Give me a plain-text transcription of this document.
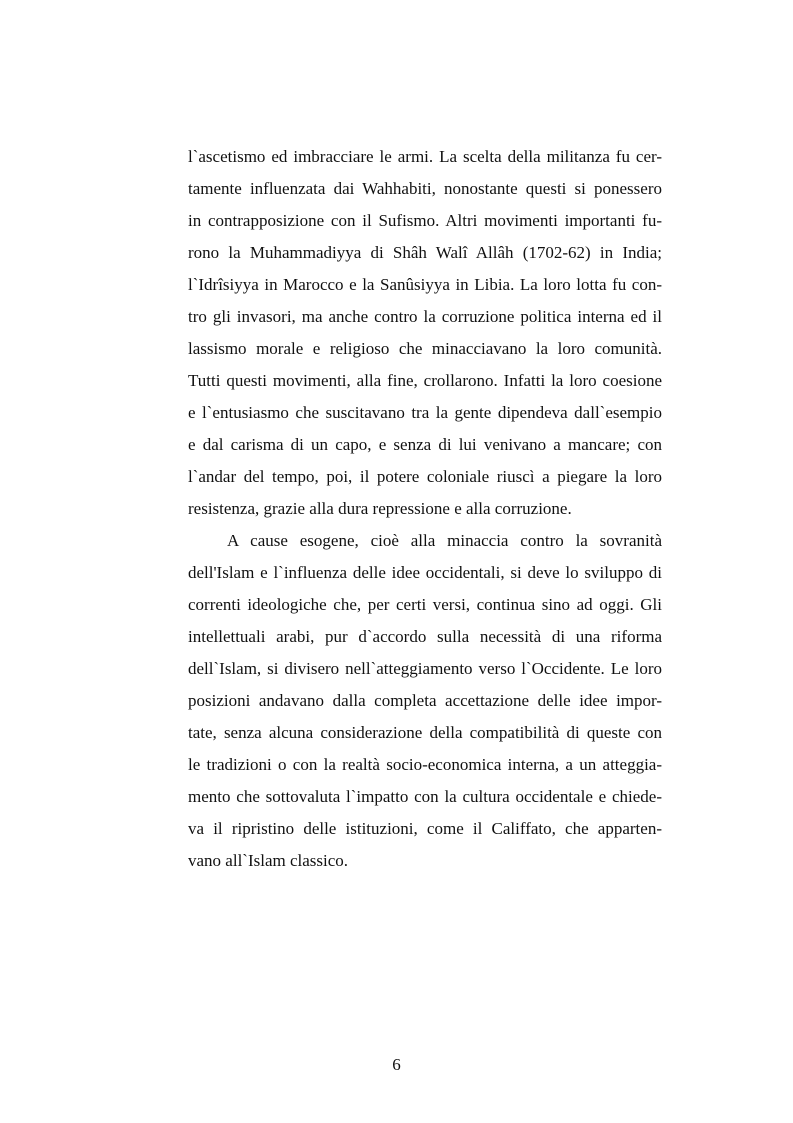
l`ascetismo ed imbracciare le armi. La scelta della militanza fu cer-
tamente influenzata dai Wahhabiti, nonostante questi si ponessero
in contrapposizione con il Sufismo. Altri movimenti importanti fu-
rono la Muhammadiyya di Shâh Walî Allâh (1702-62) in India;
l`Idrîsiyya in Marocco e la Sanûsiyya in Libia. La loro lotta fu con-
tro gli invasori, ma anche contro la corruzione politica interna ed il
lassismo morale e religioso che minacciavano la loro comunità.
Tutti questi movimenti, alla fine, crollarono. Infatti la loro coesione
e l`entusiasmo che suscitavano tra la gente dipendeva dall`esempio
e dal carisma di un capo, e senza di lui venivano a mancare; con
l`andar del tempo, poi, il potere coloniale riuscì a piegare la loro
resistenza, grazie alla dura repressione e alla corruzione.
A cause esogene, cioè alla minaccia contro la sovranità
dell'Islam e l`influenza delle idee occidentali, si deve lo sviluppo di
correnti ideologiche che, per certi versi, continua sino ad oggi. Gli
intellettuali arabi, pur d`accordo sulla necessità di una riforma
dell`Islam, si divisero nell`atteggiamento verso l`Occidente. Le loro
posizioni andavano dalla completa accettazione delle idee impor-
tate, senza alcuna considerazione della compatibilità di queste con
le tradizioni o con la realtà socio-economica interna, a un atteggia-
mento che sottovaluta l`impatto con la cultura occidentale e chiede-
va il ripristino delle istituzioni, come il Califfato, che apparten-
vano all`Islam classico.
6
